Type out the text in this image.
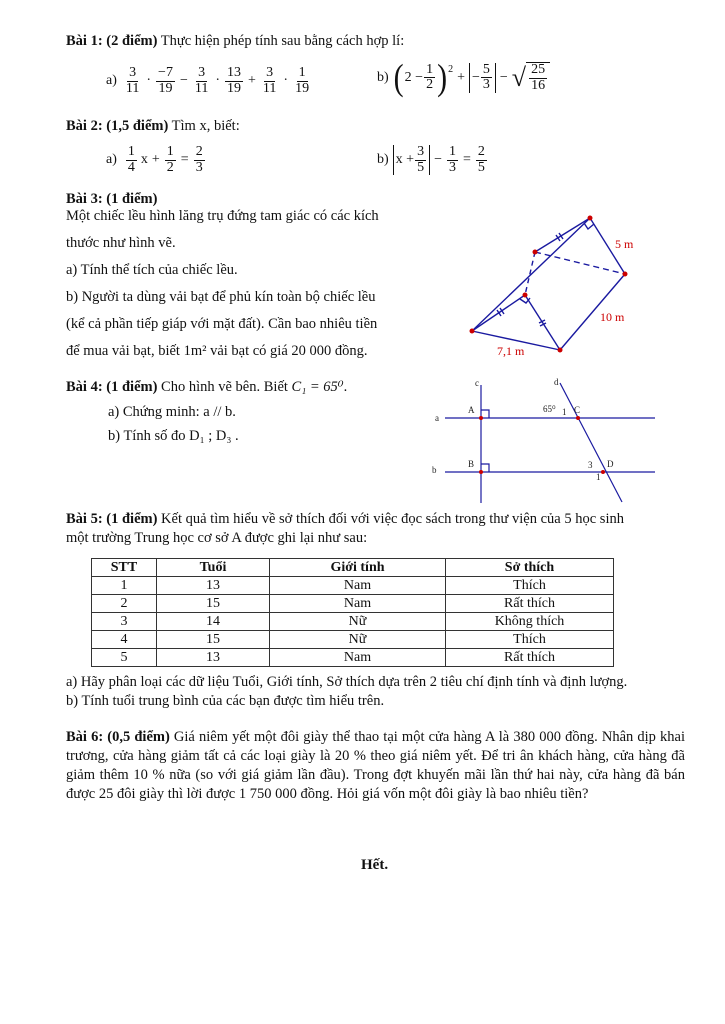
Bài 1: (2 điểm) Thực hiện phép tính sau bằng cách hợp lí:
$a) \frac{3}{11} \cdot \frac{-7}{19} - \frac{3}{11} \cdot \frac{13}{19} + \frac{3}{11} \cdot \frac{1}{19}$	b) ( $2 - \frac{1}{2} )^2$
+ − $\frac{5}{3}$ − √ $\frac{25}{16}$
Bài 2: (1,5 điểm) Tìm x, biết:
$a) \frac{1}{4}$ $x + \frac{1}{2} = \frac{2}{3}$	b) $x + \frac{3}{5} - \frac{1}{3} = \frac{2}{5}$
Bài 3: (1 điểm)
Một chiếc lều hình lăng trụ đứng tam giác có các kích
thước như hình vẽ.
a) Tính thể tích của chiếc lều.
b) Người ta dùng vải bạt để phủ kín toàn bộ chiếc lều
(kể cả phần tiếp giáp với mặt đất). Cần bao nhiêu tiền
để mua vải bạt, biết 1m² vải bạt có giá 20 000 đồng.
5 m
10 m
7,1 m
Bài 4: (1 điểm) Cho hình vẽ bên. Biết C₁ = 65⁰.
a) Chứng minh: a // b.
b) Tính số đo D₁ ; D₃ .
c	d
a
b
A
B
C
D
65⁰ 1
3
1
Bài 5: (1 điểm) Kết quả tìm hiểu về sở thích đối với việc đọc sách trong thư viện của 5 học sinh
một trường Trung học cơ sở A được ghi lại như sau:
STT	Tuổi	Giới tính	Sở thích
1	13	Nam	Thích
2	15	Nam	Rất thích
3	14	Nữ	Không thích
4	15	Nữ	Thích
5	13	Nam	Rất thích
a) Hãy phân loại các dữ liệu Tuổi, Giới tính, Sở thích dựa trên 2 tiêu chí định tính và định lượng.
b) Tính tuổi trung bình của các bạn được tìm hiểu trên.
Bài 6: (0,5 điểm) Giá niêm yết một đôi giày thể thao tại một cửa hàng A là 380 000 đồng. Nhân dịp khai trương, cửa hàng giảm tất cả các loại giày là 20 % theo giá niêm yết. Để tri ân khách hàng, cửa hàng đã giảm thêm 10 % nữa (so với giá giảm lần đầu). Trong đợt khuyến mãi lần thứ hai này, cửa hàng đã bán được 25 đôi giày thì lời được 1 750 000 đồng. Hỏi giá vốn một đôi giày là bao nhiêu tiền?
Hết.
